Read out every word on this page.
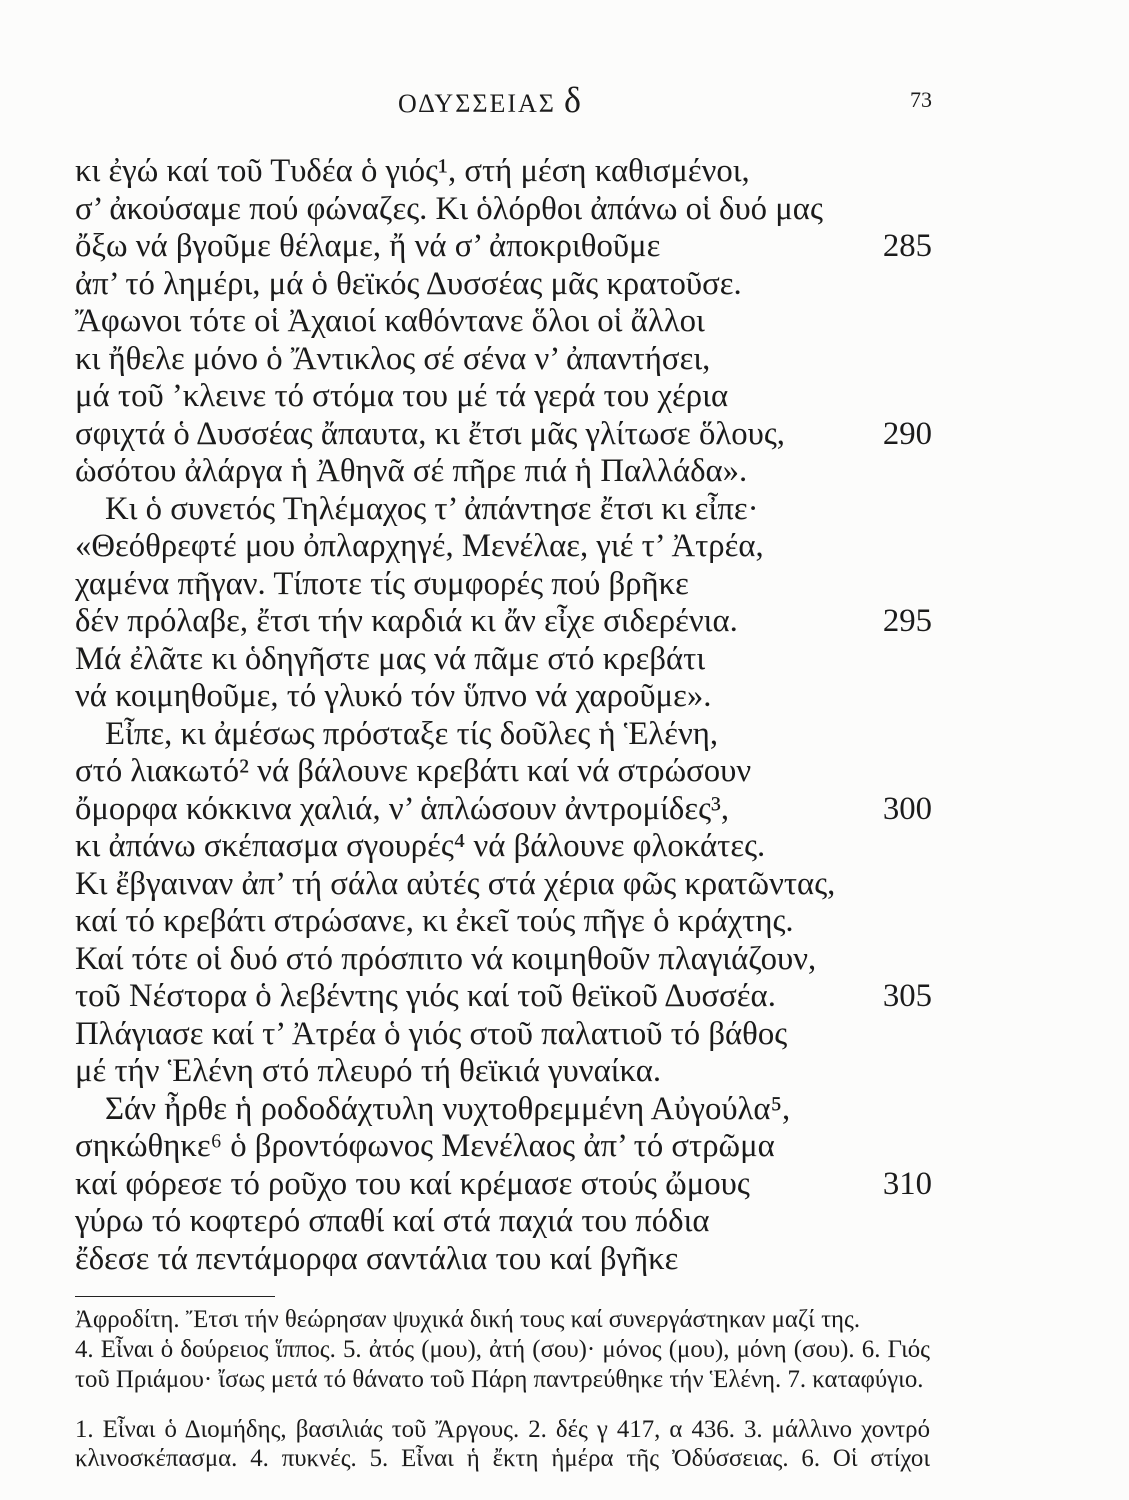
ΟΔΥΣΣΕΙΑΣ δ	73
κι ἐγώ καί τοῦ Τυδέα ὁ γιός¹, στή μέση καθισμένοι,
σ’ ἀκούσαμε πού φώναζες. Κι ὁλόρθοι ἀπάνω οἱ δυό μας
ὄξω νά βγοῦμε θέλαμε, ἤ νά σ’ ἀποκριθοῦμε	285
ἀπ’ τό λημέρι, μά ὁ θεϊκός Δυσσέας μᾶς κρατοῦσε.
Ἄφωνοι τότε οἱ Ἀχαιοί καθόντανε ὅλοι οἱ ἄλλοι
κι ἤθελε μόνο ὁ Ἄντικλος σέ σένα ν’ ἀπαντήσει,
μά τοῦ ’κλεινε τό στόμα του μέ τά γερά του χέρια
σφιχτά ὁ Δυσσέας ἄπαυτα, κι ἔτσι μᾶς γλίτωσε ὅλους,	290
ὡσότου ἀλάργα ἡ Ἀθηνᾶ σέ πῆρε πιά ἡ Παλλάδα».
Κι ὁ συνετός Τηλέμαχος τ’ ἀπάντησε ἔτσι κι εἶπε·
«Θεόθρεφτέ μου ὀπλαρχηγέ, Μενέλαε, γιέ τ’ Ἀτρέα,
χαμένα πῆγαν. Τίποτε τίς συμφορές πού βρῆκε
δέν πρόλαβε, ἔτσι τήν καρδιά κι ἄν εἶχε σιδερένια.	295
Μά ἐλᾶτε κι ὁδηγῆστε μας νά πᾶμε στό κρεβάτι
νά κοιμηθοῦμε, τό γλυκό τόν ὕπνο νά χαροῦμε».
Εἶπε, κι ἀμέσως πρόσταξε τίς δοῦλες ἡ Ἑλένη,
στό λιακωτό² νά βάλουνε κρεβάτι καί νά στρώσουν
ὄμορφα κόκκινα χαλιά, ν’ ἁπλώσουν ἀντρομίδες³,	300
κι ἀπάνω σκέπασμα σγουρές⁴ νά βάλουνε φλοκάτες.
Κι ἔβγαιναν ἀπ’ τή σάλα αὐτές στά χέρια φῶς κρατῶντας,
καί τό κρεβάτι στρώσανε, κι ἐκεῖ τούς πῆγε ὁ κράχτης.
Καί τότε οἱ δυό στό πρόσπιτο νά κοιμηθοῦν πλαγιάζουν,
τοῦ Νέστορα ὁ λεβέντης γιός καί τοῦ θεϊκοῦ Δυσσέα.	305
Πλάγιασε καί τ’ Ἀτρέα ὁ γιός στοῦ παλατιοῦ τό βάθος
μέ τήν Ἑλένη στό πλευρό τή θεϊκιά γυναίκα.
Σάν ἦρθε ἡ ροδοδάχτυλη νυχτοθρεμμένη Αὐγούλα⁵,
σηκώθηκε⁶ ὁ βροντόφωνος Μενέλαος ἀπ’ τό στρῶμα
καί φόρεσε τό ροῦχο του καί κρέμασε στούς ὤμους	310
γύρω τό κοφτερό σπαθί καί στά παχιά του πόδια
ἔδεσε τά πεντάμορφα σαντάλια του καί βγῆκε
Ἀφροδίτη. Ἔτσι τήν θεώρησαν ψυχικά δική τους καί συνεργάστηκαν μαζί της.
4. Εἶναι ὁ δούρειος ἵππος. 5. ἀτός (μου), ἀτή (σου)· μόνος (μου), μόνη (σου). 6. Γιός
τοῦ Πριάμου· ἴσως μετά τό θάνατο τοῦ Πάρη παντρεύθηκε τήν Ἑλένη. 7. καταφύγιο.
1. Εἶναι ὁ Διομήδης, βασιλιάς τοῦ Ἄργους. 2. δές γ 417, α 436. 3. μάλλινο χοντρό
κλινοσκέπασμα. 4. πυκνές. 5. Εἶναι ἡ ἔκτη ἡμέρα τῆς Ὀδύσσειας. 6. Οἱ στίχοι
